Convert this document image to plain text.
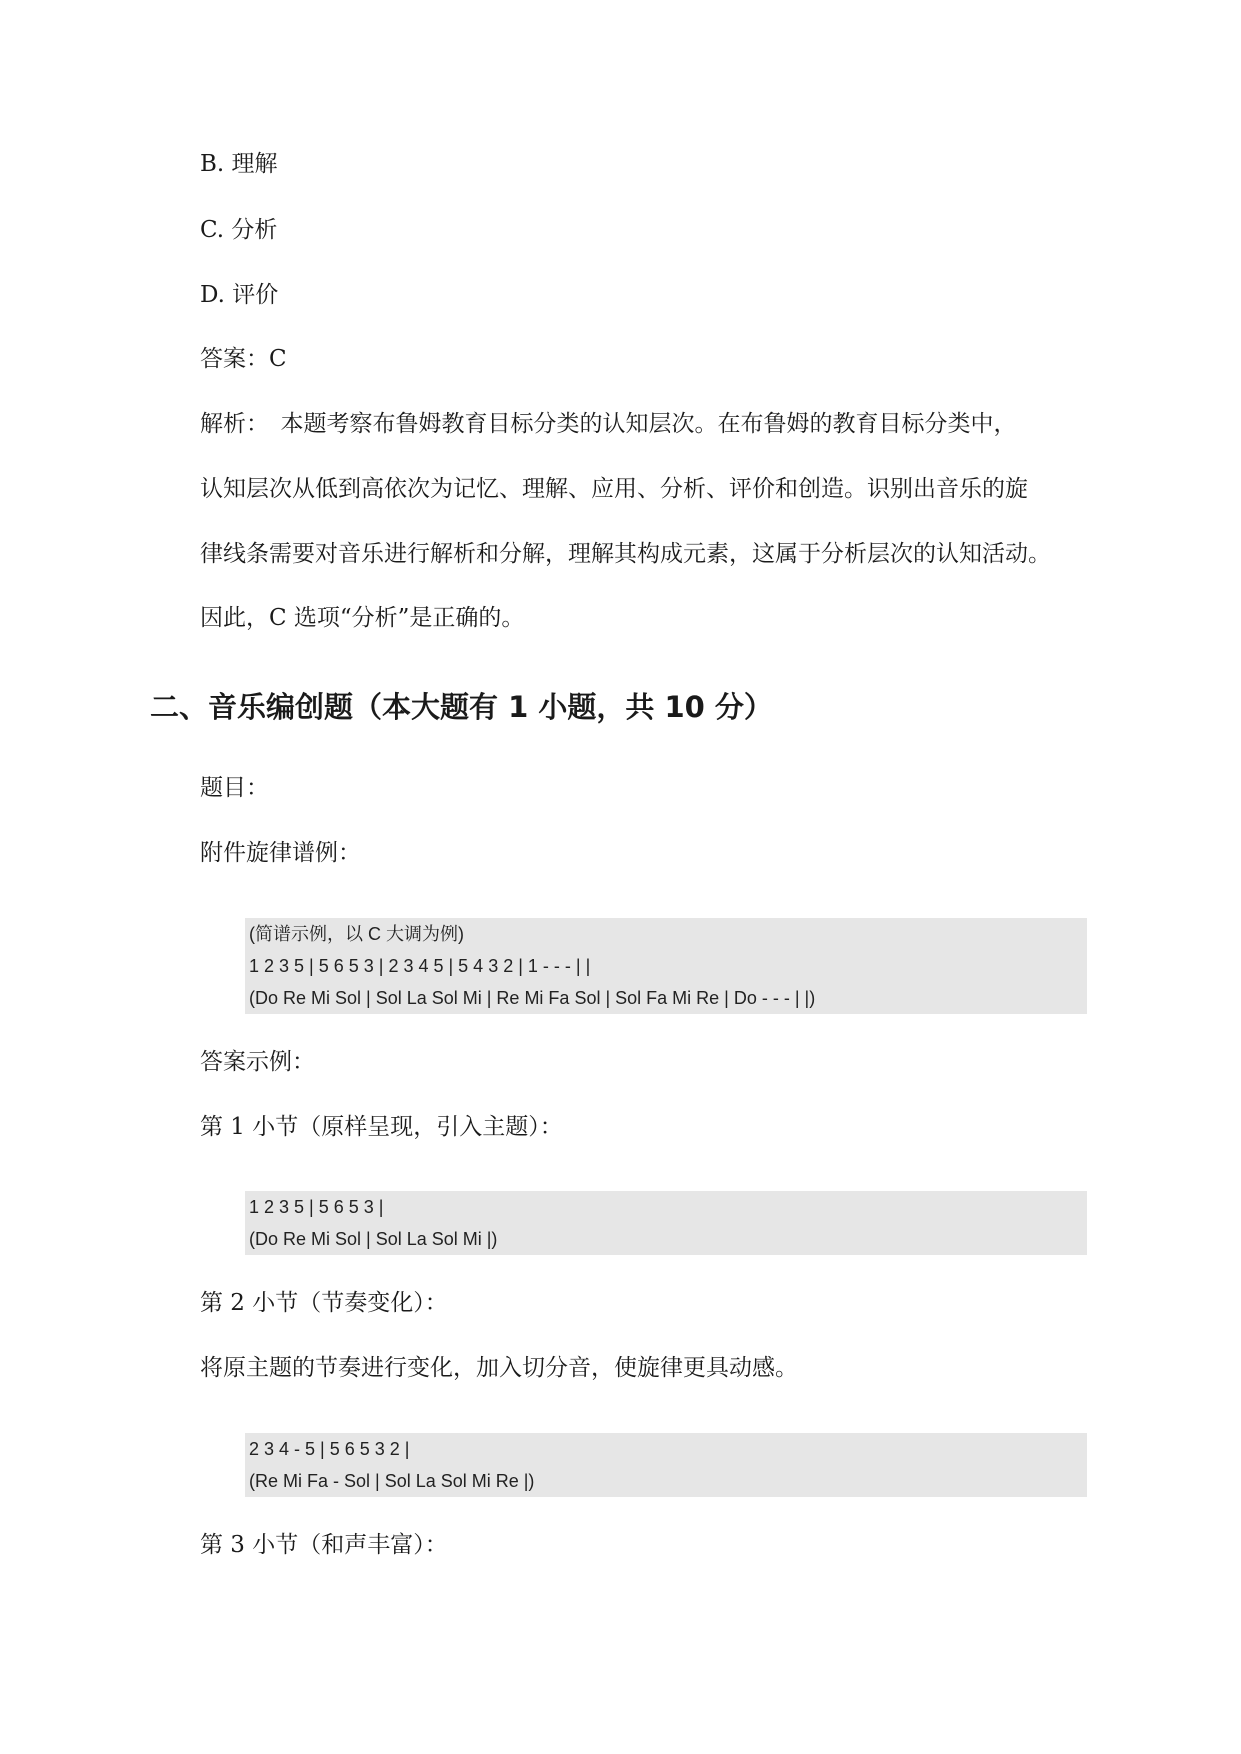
B. 理解
C. 分析
D. 评价
答案：C
解析：　本题考察布鲁姆教育目标分类的认知层次。在布鲁姆的教育目标分类中，
认知层次从低到高依次为记忆、理解、应用、分析、评价和创造。识别出音乐的旋
律线条需要对音乐进行解析和分解，理解其构成元素，这属于分析层次的认知活动。
因此，C 选项“分析”是正确的。
二、音乐编创题（本大题有 1 小题，共 10 分）
题目：
附件旋律谱例：
(简谱示例，以 C 大调为例)
1 2 3 5 | 5 6 5 3 | 2 3 4 5 | 5 4 3 2 | 1 - - - | |
(Do Re Mi Sol | Sol La Sol Mi | Re Mi Fa Sol | Sol Fa Mi Re | Do - - - | |)
答案示例：
第 1 小节（原样呈现，引入主题）：
1 2 3 5 | 5 6 5 3 |
(Do Re Mi Sol | Sol La Sol Mi |)
第 2 小节（节奏变化）：
将原主题的节奏进行变化，加入切分音，使旋律更具动感。
2 3 4 - 5 | 5 6 5 3 2 |
(Re Mi Fa - Sol | Sol La Sol Mi Re |)
第 3 小节（和声丰富）：
